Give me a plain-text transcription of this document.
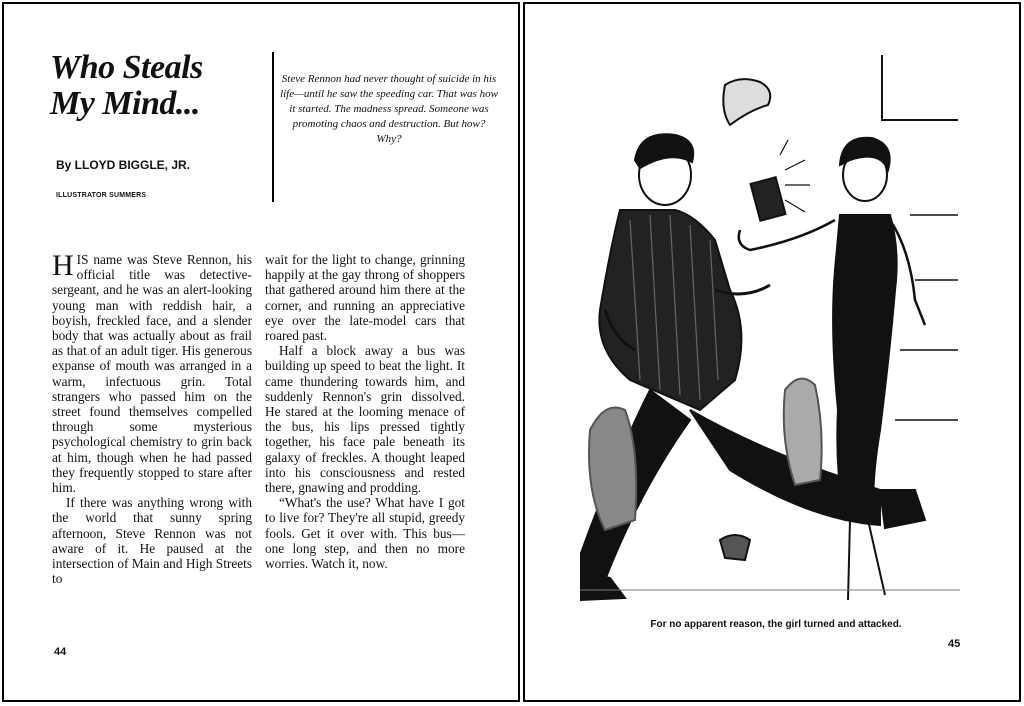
Who Steals
My Mind...
By LLOYD BIGGLE, JR.
ILLUSTRATOR SUMMERS
Steve Rennon had never thought of suicide in his life—until he saw the speeding car. That was how it started. The madness spread. Someone was promoting chaos and destruction. But how? Why?

HIS name was Steve Rennon, his official title was detective-sergeant, and he was an alert-looking young man with reddish hair, a boyish, freckled face, and a slender body that was actually about as frail as that of an adult tiger. His generous expanse of mouth was arranged in a warm, infectuous grin. Total strangers who passed him on the street found themselves compelled through some mysterious psychological chemistry to grin back at him, though when he had passed they frequently stopped to stare after him.

If there was anything wrong with the world that sunny spring afternoon, Steve Rennon was not aware of it. He paused at the intersection of Main and High Streets to

wait for the light to change, grinning happily at the gay throng of shoppers that gathered around him there at the corner, and running an appreciative eye over the late-model cars that roared past.

Half a block away a bus was building up speed to beat the light. It came thundering towards him, and suddenly Rennon's grin dissolved. He stared at the looming menace of the bus, his lips pressed tightly together, his face pale beneath its galaxy of freckles. A thought leaped into his consciousness and rested there, gnawing and prodding.

“What's the use? What have I got to live for? They're all stupid, greedy fools. Get it over with. This bus—one long step, and then no more worries. Watch it, now.

44
For no apparent reason, the girl turned and attacked.
45
